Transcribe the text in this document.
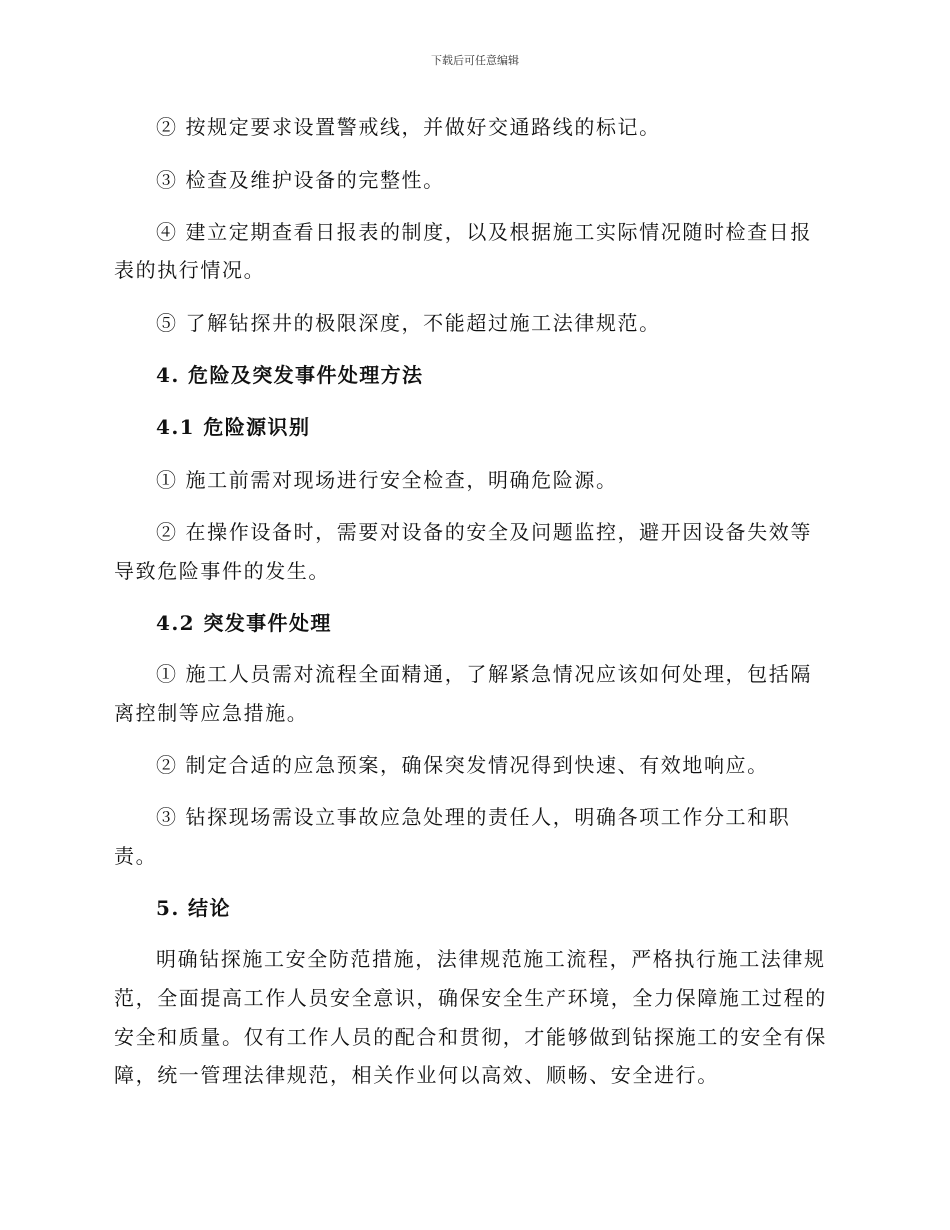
下载后可任意编辑
② 按规定要求设置警戒线，并做好交通路线的标记。
③ 检查及维护设备的完整性。
④ 建立定期查看日报表的制度，以及根据施工实际情况随时检查日报
表的执行情况。
⑤ 了解钻探井的极限深度，不能超过施工法律规范。
4. 危险及突发事件处理方法
4.1 危险源识别
① 施工前需对现场进行安全检查，明确危险源。
② 在操作设备时，需要对设备的安全及问题监控，避开因设备失效等
导致危险事件的发生。
4.2 突发事件处理
① 施工人员需对流程全面精通，了解紧急情况应该如何处理，包括隔
离控制等应急措施。
② 制定合适的应急预案，确保突发情况得到快速、有效地响应。
③ 钻探现场需设立事故应急处理的责任人，明确各项工作分工和职
责。
5. 结论
明确钻探施工安全防范措施，法律规范施工流程，严格执行施工法律规
范，全面提高工作人员安全意识，确保安全生产环境，全力保障施工过程的
安全和质量。仅有工作人员的配合和贯彻，才能够做到钻探施工的安全有保
障，统一管理法律规范，相关作业何以高效、顺畅、安全进行。
